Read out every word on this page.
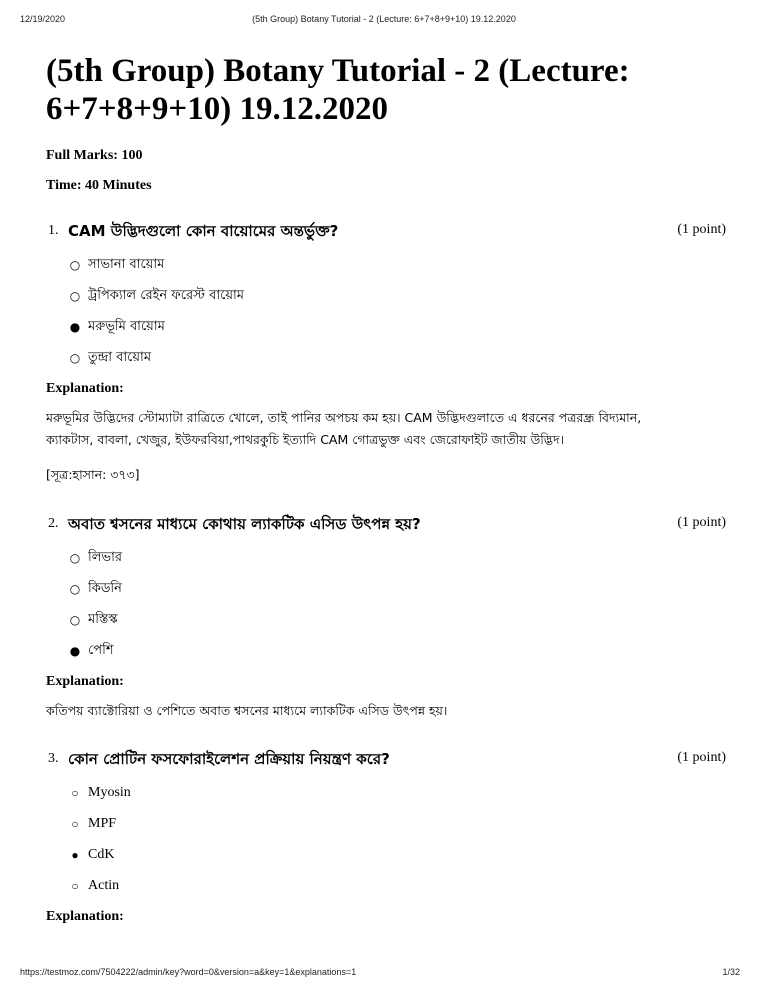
12/19/2020	(5th Group) Botany Tutorial - 2 (Lecture: 6+7+8+9+10) 19.12.2020
(5th Group) Botany Tutorial - 2 (Lecture:
6+7+8+9+10) 19.12.2020

Full Marks: 100

Time: 40 Minutes

1. CAM উদ্ভিদগুলো কোন বায়োমের অন্তর্ভুক্ত?	(1 point)
○ সাভানা বায়োম
○ ট্রপিক্যাল রেইন ফরেস্ট বায়োম
● মরুভূমি বায়োম
○ তুন্দ্রা বায়োম
Explanation:
মরুভূমির উদ্ভিদের স্টোম্যাটা রাত্রিতে খোলে, তাই পানির অপচয় কম হয়। CAM উদ্ভিদগুলাতে এ ধরনের পত্ররন্ধ্র বিদ্যমান,
ক্যাকটাস, বাবলা, খেজুর, ইউফরবিয়া,পাথরকুচি ইত্যাদি CAM গোত্রভুক্ত এবং জেরোফাইট জাতীয় উদ্ভিদ।
[সূত্র:হাসান: ৩৭৩]
2. অবাত শ্বসনের মাধ্যমে কোথায় ল্যাকটিক এসিড উৎপন্ন হয়?	(1 point)
○ লিভার
○ কিডনি
○ মস্তিস্ক
● পেশি
Explanation:
কতিপয় ব্যাক্টোরিয়া ও পেশিতে অবাত শ্বসনের মাধ্যমে ল্যাকটিক এসিড উৎপন্ন হয়।
3. কোন প্রোটিন ফসফোরাইলেশন প্রক্রিয়ায় নিয়ন্ত্রণ করে?	(1 point)
○ Myosin
○ MPF
● CdK
○ Actin
Explanation:
https://testmoz.com/7504222/admin/key?word=0&version=a&key=1&explanations=1	1/32
